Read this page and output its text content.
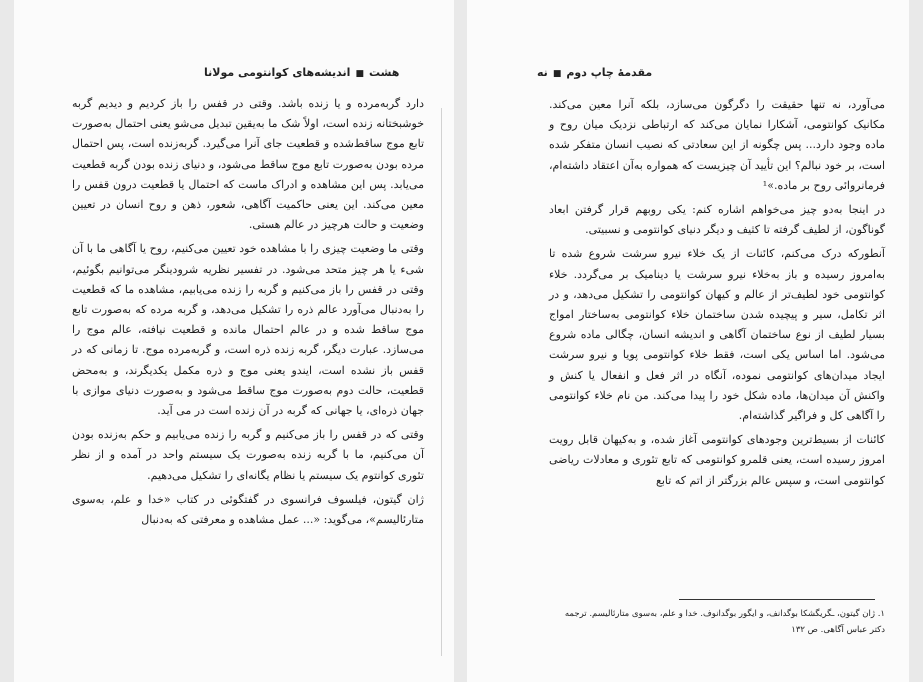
هشت■اندیشه‌های کوانتومی مولانا

دارد گربه‌مرده و یا زنده باشد. وقتی در قفس را باز کردیم و دیدیم گربه خوشبختانه زنده است، اولاً شک ما به‌یقین تبدیل می‌شو یعنی احتمال به‌صورت تابع موج ساقط‌شده و قطعیت جای آنرا می‌گیرد. گربه‌زنده است، پس احتمال مرده بودن به‌صورت تابع موج ساقط می‌شود، و دنیای زنده بودن گربه قطعیت می‌یابد. پس این مشاهده و ادراک ماست که احتمال یا قطعیت درون قفس را معین می‌کند. این یعنی حاکمیت آگاهی، شعور، ذهن و روح انسان در تعیین وضعیت و حالت هرچیز در عالم هستی.

وقتی ما وضعیت چیزی را با مشاهده خود تعیین می‌کنیم، روح یا آگاهی ما با آن شیء یا هر چیز متحد می‌شود. در تفسیر نظریه شرودینگر می‌توانیم بگوئیم، وقتی در قفس را باز می‌کنیم و گربه را زنده می‌یابیم، مشاهده ما که قطعیت را به‌دنبال می‌آورد عالم ذره را تشکیل می‌دهد، و گربه مرده که به‌صورت تابع موج ساقط شده و در عالم احتمال مانده و قطعیت نیافته، عالم موج را می‌سازد. عبارت دیگر، گربه زنده ذره است، و گربه‌مرده موج. تا زمانی که در قفس باز نشده است، ایندو یعنی موج و ذره مکمل یکدیگرند، و به‌محض قطعیت، حالت دوم به‌صورت موج ساقط می‌شود و به‌صورت دنیای موازی با جهان ذره‌ای، یا جهانی که گربه در آن زنده است در می آید.

وقتی که در قفس را باز می‌کنیم و گربه را زنده می‌یابیم و حکم به‌زنده بودن آن می‌کنیم، ما با گربه زنده به‌صورت یک سیستم واحد در آمده و از نظر تئوری کوانتوم یک سیستم یا نظام یگانه‌ای را تشکیل می‌دهیم.

ژان گیتون، فیلسوف فرانسوی در گفتگوئی در کتاب «خدا و علم، به‌سوی متارئالیسم»، می‌گوید: «... عمل مشاهده و معرفتی که به‌دنبال

مقدمهٔ چاپ دوم■نه

می‌آورد، نه تنها حقیقت را دگرگون می‌سازد، بلکه آنرا معین می‌کند. مکانیک کوانتومی، آشکارا نمایان می‌کند که ارتباطی نزدیک میان روح و ماده وجود دارد... پس چگونه از این سعادتی که نصیب انسان متفکر شده است، بر خود نبالم؟ این تأیید آن چیزیست که همواره به‌آن اعتقاد داشته‌ام، فرمانروائی روح بر ماده.»¹

در اینجا به‌دو چیز می‌خواهم اشاره کنم: یکی روبهم قرار گرفتن ابعاد گوناگون، از لطیف گرفته تا کثیف و دیگر دنیای کوانتومی و نسبیتی.

آنطورکه درک می‌کنم، کائنات از یک خلاء نیرو سرشت شروع شده تا به‌امروز رسیده و باز به‌خلاء نیرو سرشت یا دینامیک بر می‌گردد. خلاء کوانتومی خود لطیف‌تر از عالم و کیهان کوانتومی را تشکیل می‌دهد، و در اثر تکامل، سیر و پیچیده شدن ساختمان خلاء کوانتومی به‌ساختار امواج بسیار لطیف از نوع ساختمان آگاهی و اندیشه انسان، چگالی ماده شروع می‌شود. اما اساس یکی است، فقط خلاء کوانتومی پویا و نیرو سرشت ایجاد میدان‌های کوانتومی نموده، آنگاه در اثر فعل و انفعال یا کنش و واکنش آن میدان‌ها، ماده شکل خود را پیدا می‌کند. من نام خلاء کوانتومی را آگاهی کل و فراگیر گذاشته‌ام.

کائنات از بسیط‌ترین وجودهای کوانتومی آغاز شده، و به‌کیهان قابل رویت امروز رسیده است، یعنی قلمرو کوانتومی که تابع تئوری و معادلات ریاضی کوانتومی است، و سپس عالم بزرگتر از اتم که تابع

۱. ژان گیتون، ـگریگشکا بوگدانف، و ایگور بوگدانوف. خدا و علم، به‌سوی متارئالیسم. ترجمه دکتر عباس آگاهی. ص ۱۳۲
